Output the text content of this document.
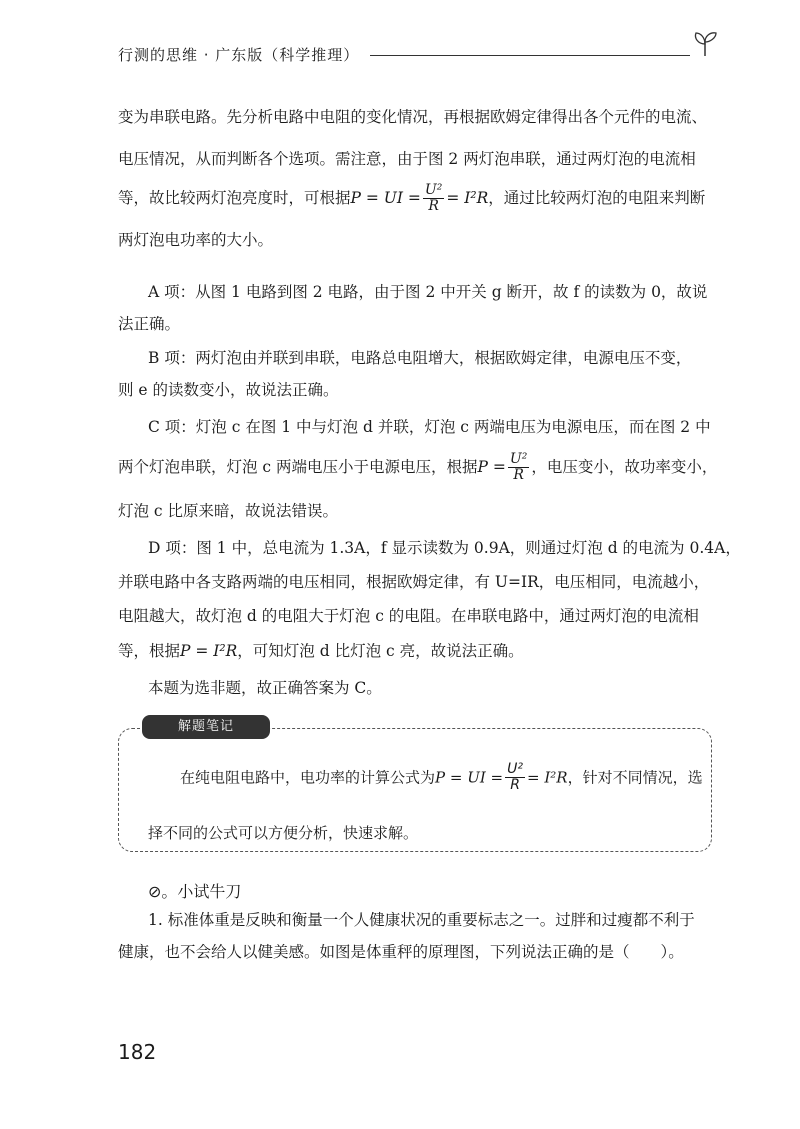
行测的思维 · 广东版（科学推理）
变为串联电路。先分析电路中电阻的变化情况，再根据欧姆定律得出各个元件的电流、
电压情况，从而判断各个选项。需注意，由于图 2 两灯泡串联，通过两灯泡的电流相
等，故比较两灯泡亮度时，可根据P = UI = $\frac{\text{U²}}{R} = I^2R$，通过比较两灯泡的电阻来判断
两灯泡电功率的大小。
A 项：从图 1 电路到图 2 电路，由于图 2 中开关 g 断开，故 f 的读数为 0，故说
法正确。
B 项：两灯泡由并联到串联，电路总电阻增大，根据欧姆定律，电源电压不变，
则 e 的读数变小，故说法正确。
C 项：灯泡 c 在图 1 中与灯泡 d 并联，灯泡 c 两端电压为电源电压，而在图 2 中
两个灯泡串联，灯泡 c 两端电压小于电源电压，根据$P = \frac{\text{U²}}{R}$ ，电压变小，故功率变小，
灯泡 c 比原来暗，故说法错误。
D 项：图 1 中，总电流为 1.3A，f 显示读数为 0.9A，则通过灯泡 d 的电流为 0.4A，
并联电路中各支路两端的电压相同，根据欧姆定律，有 U=IR，电压相同，电流越小，
电阻越大，故灯泡 d 的电阻大于灯泡 c 的电阻。在串联电路中，通过两灯泡的电流相
等，根据P = I²R，可知灯泡 d 比灯泡 c 亮，故说法正确。
本题为选非题，故正确答案为 C。
解题笔记
在纯电阻电路中，电功率的计算公式为P = UI = $\frac{\text{U²}}{R} = I^2R$，针对不同情况，选
择不同的公式可以方便分析，快速求解。
⊘。小试牛刀
1. 标准体重是反映和衡量一个人健康状况的重要标志之一。过胖和过瘦都不利于
健康，也不会给人以健美感。如图是体重秤的原理图，下列说法正确的是（　　）。
182
